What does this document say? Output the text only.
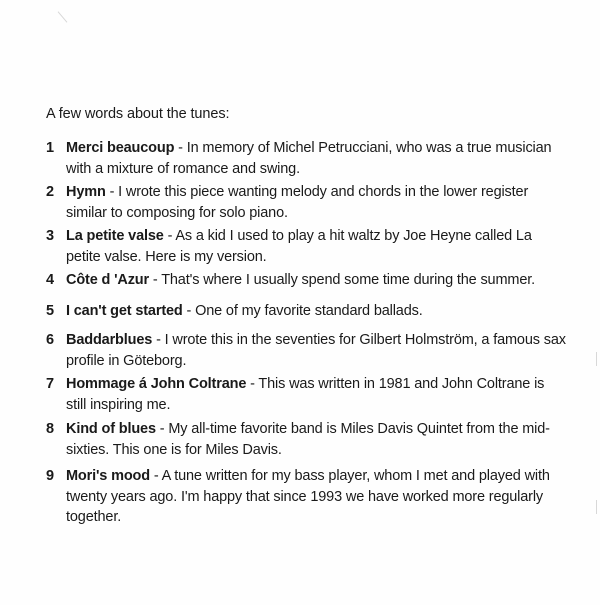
A few words about the tunes:
1 Merci beaucoup - In memory of Michel Petrucciani, who was a true musician with a mixture of romance and swing.
2 Hymn - I wrote this piece wanting melody and chords in the lower register similar to composing for solo piano.
3 La petite valse - As a kid I used to play a hit waltz by Joe Heyne called La petite valse. Here is my version.
4 Côte d 'Azur - That's where I usually spend some time during the summer.
5 I can't get started - One of my favorite standard ballads.
6 Baddarblues - I wrote this in the seventies for Gilbert Holmström, a famous sax profile in Göteborg.
7 Hommage á John Coltrane - This was written in 1981 and John Coltrane is still inspiring me.
8 Kind of blues - My all-time favorite band is Miles Davis Quintet from the mid-sixties. This one is for Miles Davis.
9 Mori's mood - A tune written for my bass player, whom I met and played with twenty years ago. I'm happy that since 1993 we have worked more regularly together.
